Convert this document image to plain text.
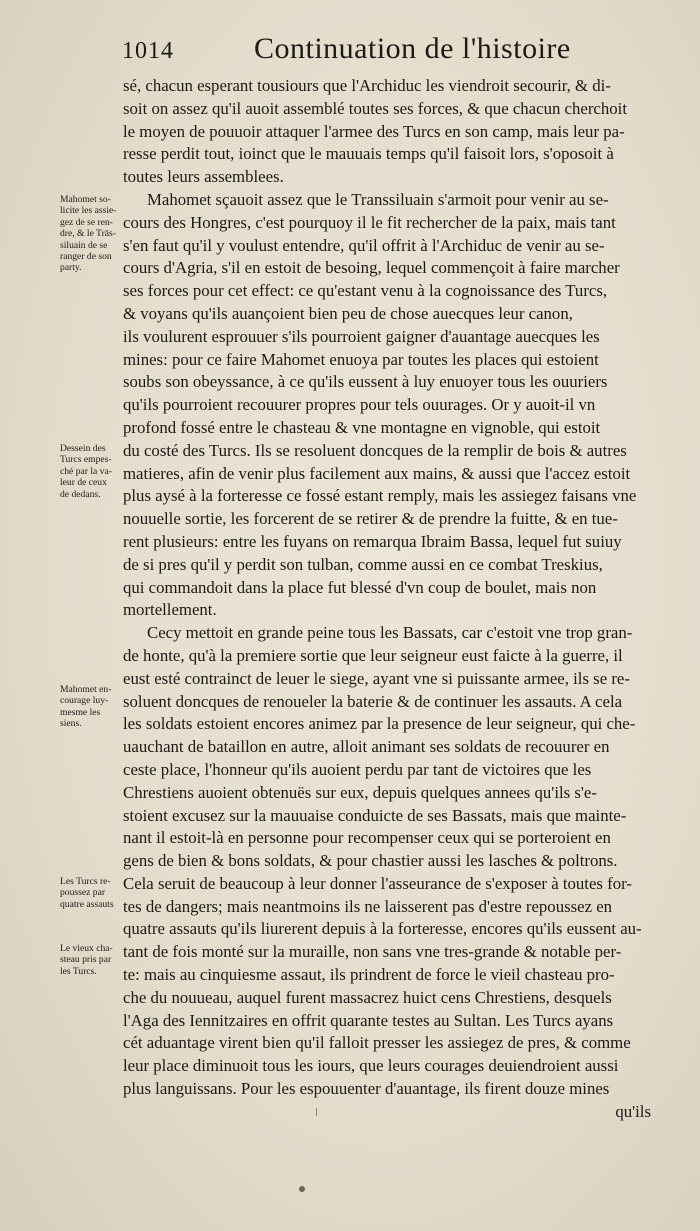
1014	Continuation de l'histoire
sé, chacun esperant tousiours que l'Archiduc les viendroit secourir, & di-
soit on assez qu'il auoit assemblé toutes ses forces, & que chacun cherchoit
le moyen de pouuoir attaquer l'armee des Turcs en son camp, mais leur pa-
resse perdit tout, ioinct que le mauuais temps qu'il faisoit lors, s'oposoit à
toutes leurs assemblees.
Mahomet sçauoit assez que le Transsiluain s'armoit pour venir au se-
cours des Hongres, c'est pourquoy il le fit rechercher de la paix, mais tant
s'en faut qu'il y voulust entendre, qu'il offrit à l'Archiduc de venir au se-
cours d'Agria, s'il en estoit de besoing, lequel commençoit à faire marcher
ses forces pour cet effect: ce qu'estant venu à la cognoissance des Turcs,
& voyans qu'ils auançoient bien peu de chose auecques leur canon,
ils voulurent esprouuer s'ils pourroient gaigner d'auantage auecques les
mines: pour ce faire Mahomet enuoya par toutes les places qui estoient
soubs son obeyssance, à ce qu'ils eussent à luy enuoyer tous les ouuriers
qu'ils pourroient recouurer propres pour tels ouurages. Or y auoit-il vn
profond fossé entre le chasteau & vne montagne en vignoble, qui estoit
du costé des Turcs. Ils se resoluent doncques de la remplir de bois & autres
matieres, afin de venir plus facilement aux mains, & aussi que l'accez estoit
plus aysé à la forteresse ce fossé estant remply, mais les assiegez faisans vne
nouuelle sortie, les forcerent de se retirer & de prendre la fuitte, & en tue-
rent plusieurs: entre les fuyans on remarqua Ibraim Bassa, lequel fut suiuy
de si pres qu'il y perdit son tulban, comme aussi en ce combat Treskius,
qui commandoit dans la place fut blessé d'vn coup de boulet, mais non
mortellement.
Cecy mettoit en grande peine tous les Bassats, car c'estoit vne trop gran-
de honte, qu'à la premiere sortie que leur seigneur eust faicte à la guerre, il
eust esté contrainct de leuer le siege, ayant vne si puissante armee, ils se re-
soluent doncques de renoueler la baterie & de continuer les assauts. A cela
les soldats estoient encores animez par la presence de leur seigneur, qui che-
uauchant de bataillon en autre, alloit animant ses soldats de recouurer en
ceste place, l'honneur qu'ils auoient perdu par tant de victoires que les
Chrestiens auoient obtenuës sur eux, depuis quelques annees qu'ils s'e-
stoient excusez sur la mauuaise conduicte de ses Bassats, mais que mainte-
nant il estoit-là en personne pour recompenser ceux qui se porteroient en
gens de bien & bons soldats, & pour chastier aussi les lasches & poltrons.
Cela seruit de beaucoup à leur donner l'asseurance de s'exposer à toutes for-
tes de dangers; mais neantmoins ils ne laisserent pas d'estre repoussez en
quatre assauts qu'ils liurerent depuis à la forteresse, encores qu'ils eussent au-
tant de fois monté sur la muraille, non sans vne tres-grande & notable per-
te: mais au cinquiesme assaut, ils prindrent de force le vieil chasteau pro-
che du nouueau, auquel furent massacrez huict cens Chrestiens, desquels
l'Aga des Iennitzaires en offrit quarante testes au Sultan. Les Turcs ayans
cét aduantage virent bien qu'il falloit presser les assiegez de pres, & comme
leur place diminuoit tous les iours, que leurs courages deuiendroient aussi
plus languissans. Pour les espouuenter d'auantage, ils firent douze mines
qu'ils
Mahomet so-
licite les assie-
gez de se ren-
dre, & le Trās-
siluain de se
ranger de son
party.
Dessein des
Turcs empes-
ché par la va-
leur de ceux
de dedans.
Mahomet en-
courage luy-
mesme les
siens.
Les Turcs re-
poussez par
quatre assauts
Le vieux cha-
steau pris par
les Turcs.
